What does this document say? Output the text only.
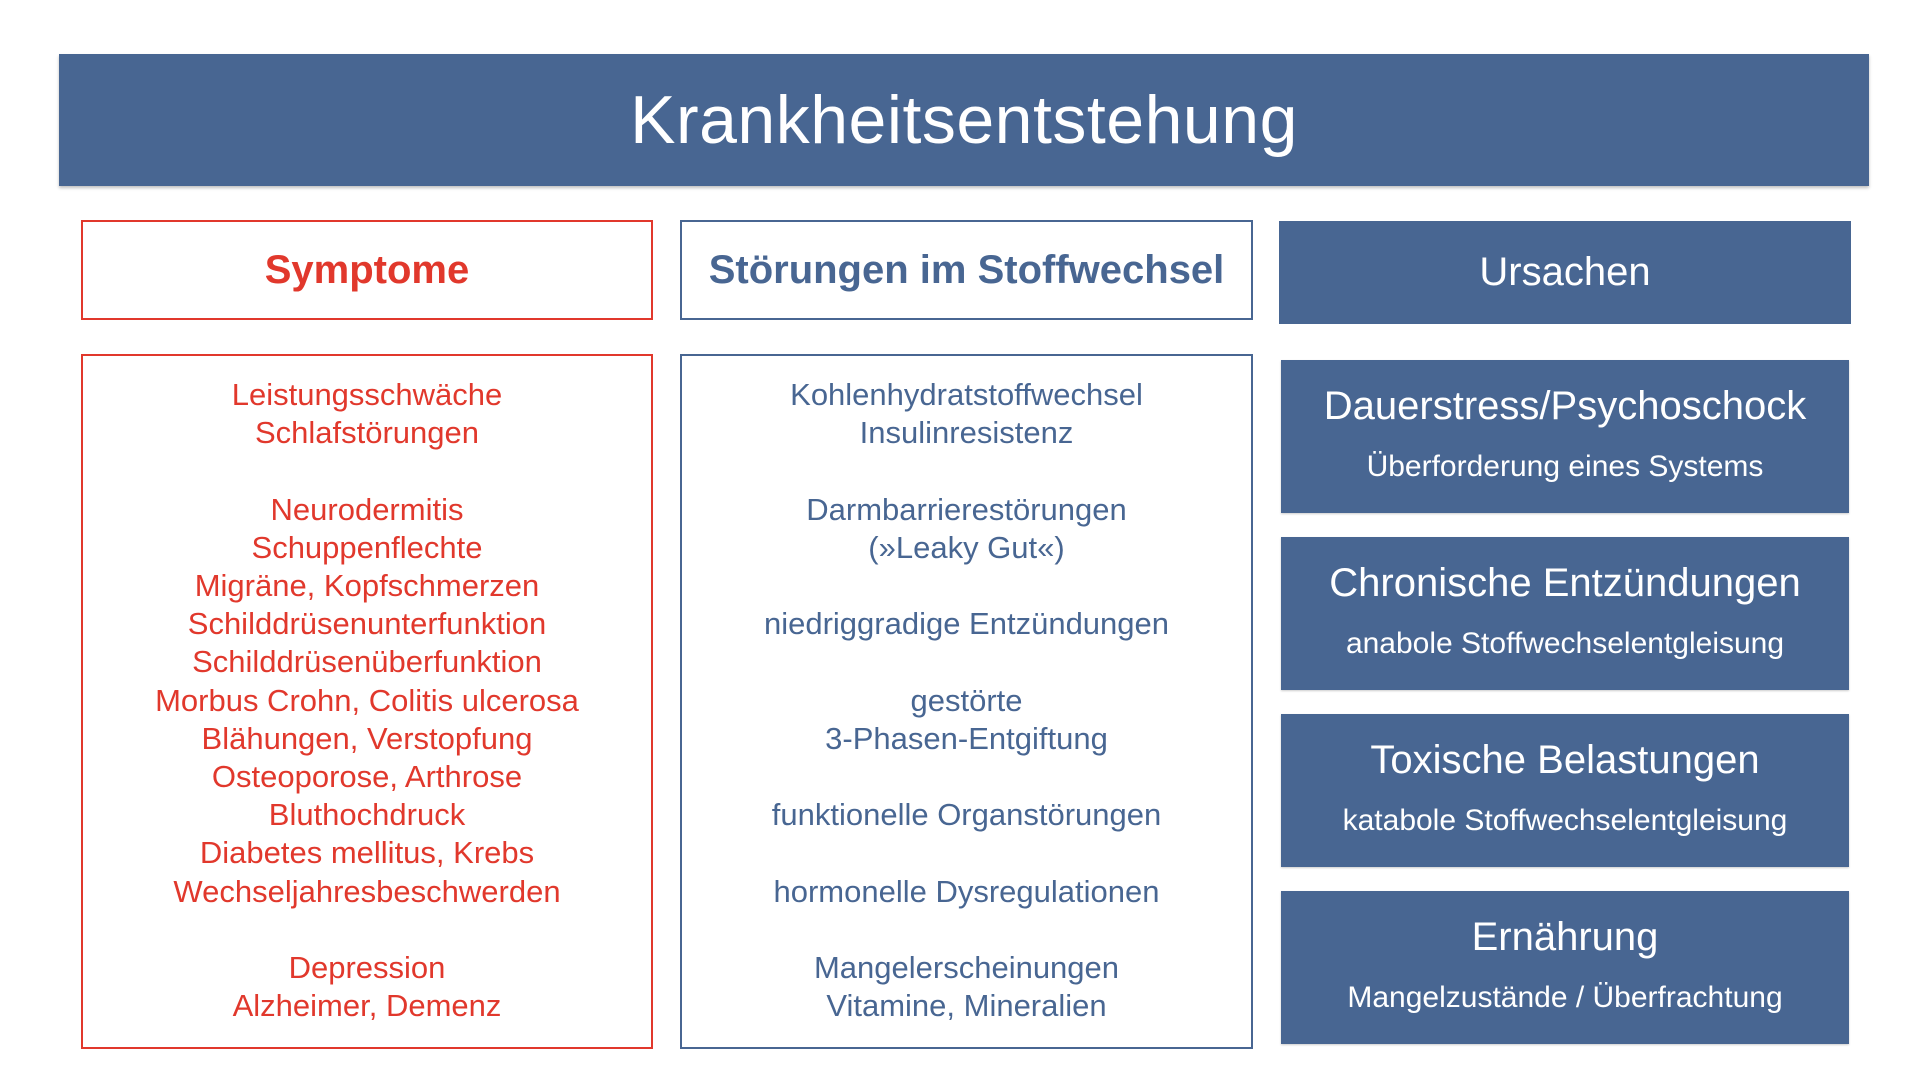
Krankheitsentstehung
Symptome	Störungen im Stoffwechsel	Ursachen
Leistungsschwäche
Schlafstörungen
Neurodermitis
Schuppenflechte
Migräne, Kopfschmerzen
Schilddrüsenunterfunktion
Schilddrüsenüberfunktion
Morbus Crohn, Colitis ulcerosa
Blähungen, Verstopfung
Osteoporose, Arthrose
Bluthochdruck
Diabetes mellitus, Krebs
Wechseljahresbeschwerden
Depression
Alzheimer, Demenz
Kohlenhydratstoffwechsel
Insulinresistenz
Darmbarrierestörungen
(»Leaky Gut«)
niedriggradige Entzündungen
gestörte
3-Phasen-Entgiftung
funktionelle Organstörungen
hormonelle Dysregulationen
Mangelerscheinungen
Vitamine, Mineralien
Dauerstress/Psychoschock
Überforderung eines Systems
Chronische Entzündungen
anabole Stoffwechselentgleisung
Toxische Belastungen
katabole Stoffwechselentgleisung
Ernährung
Mangelzustände / Überfrachtung
